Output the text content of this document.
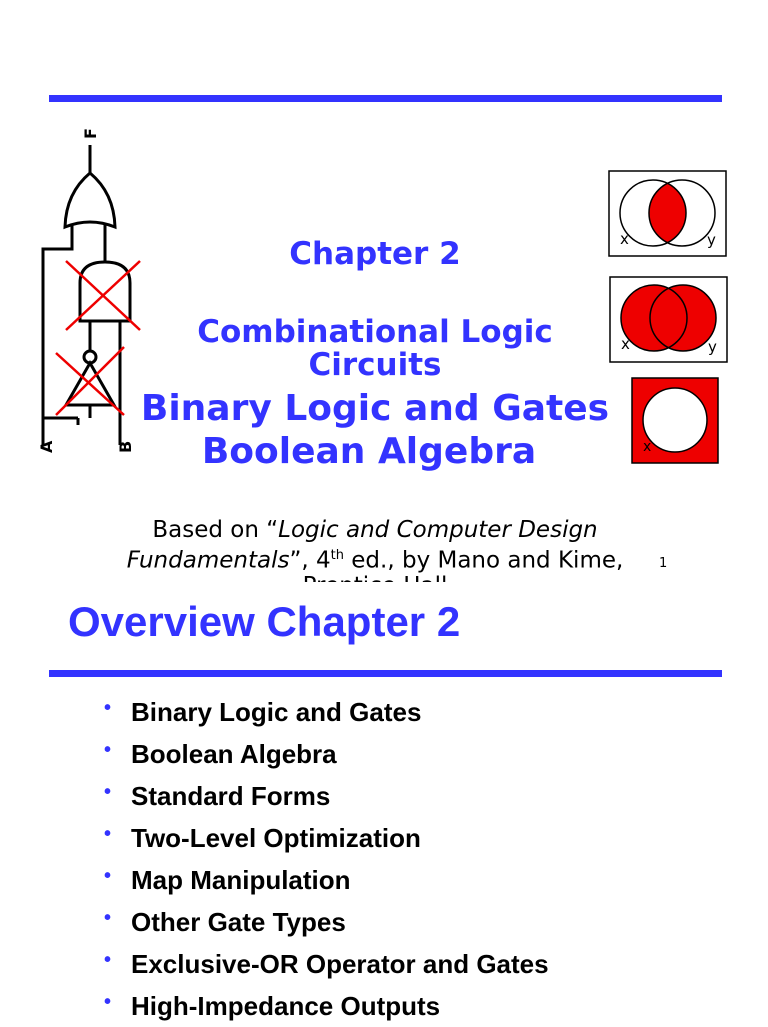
F
A	B
x	y
x	y
x
Chapter 2
Combinational Logic
Circuits
Binary Logic and Gates
Boolean Algebra
Based on “Logic and Computer Design Fundamentals”, 4th ed., by Mano and Kime,	1
Overview Chapter 2
• Binary Logic and Gates
• Boolean Algebra
• Standard Forms
• Two-Level Optimization
• Map Manipulation
• Other Gate Types
• Exclusive-OR Operator and Gates
• High-Impedance Outputs
